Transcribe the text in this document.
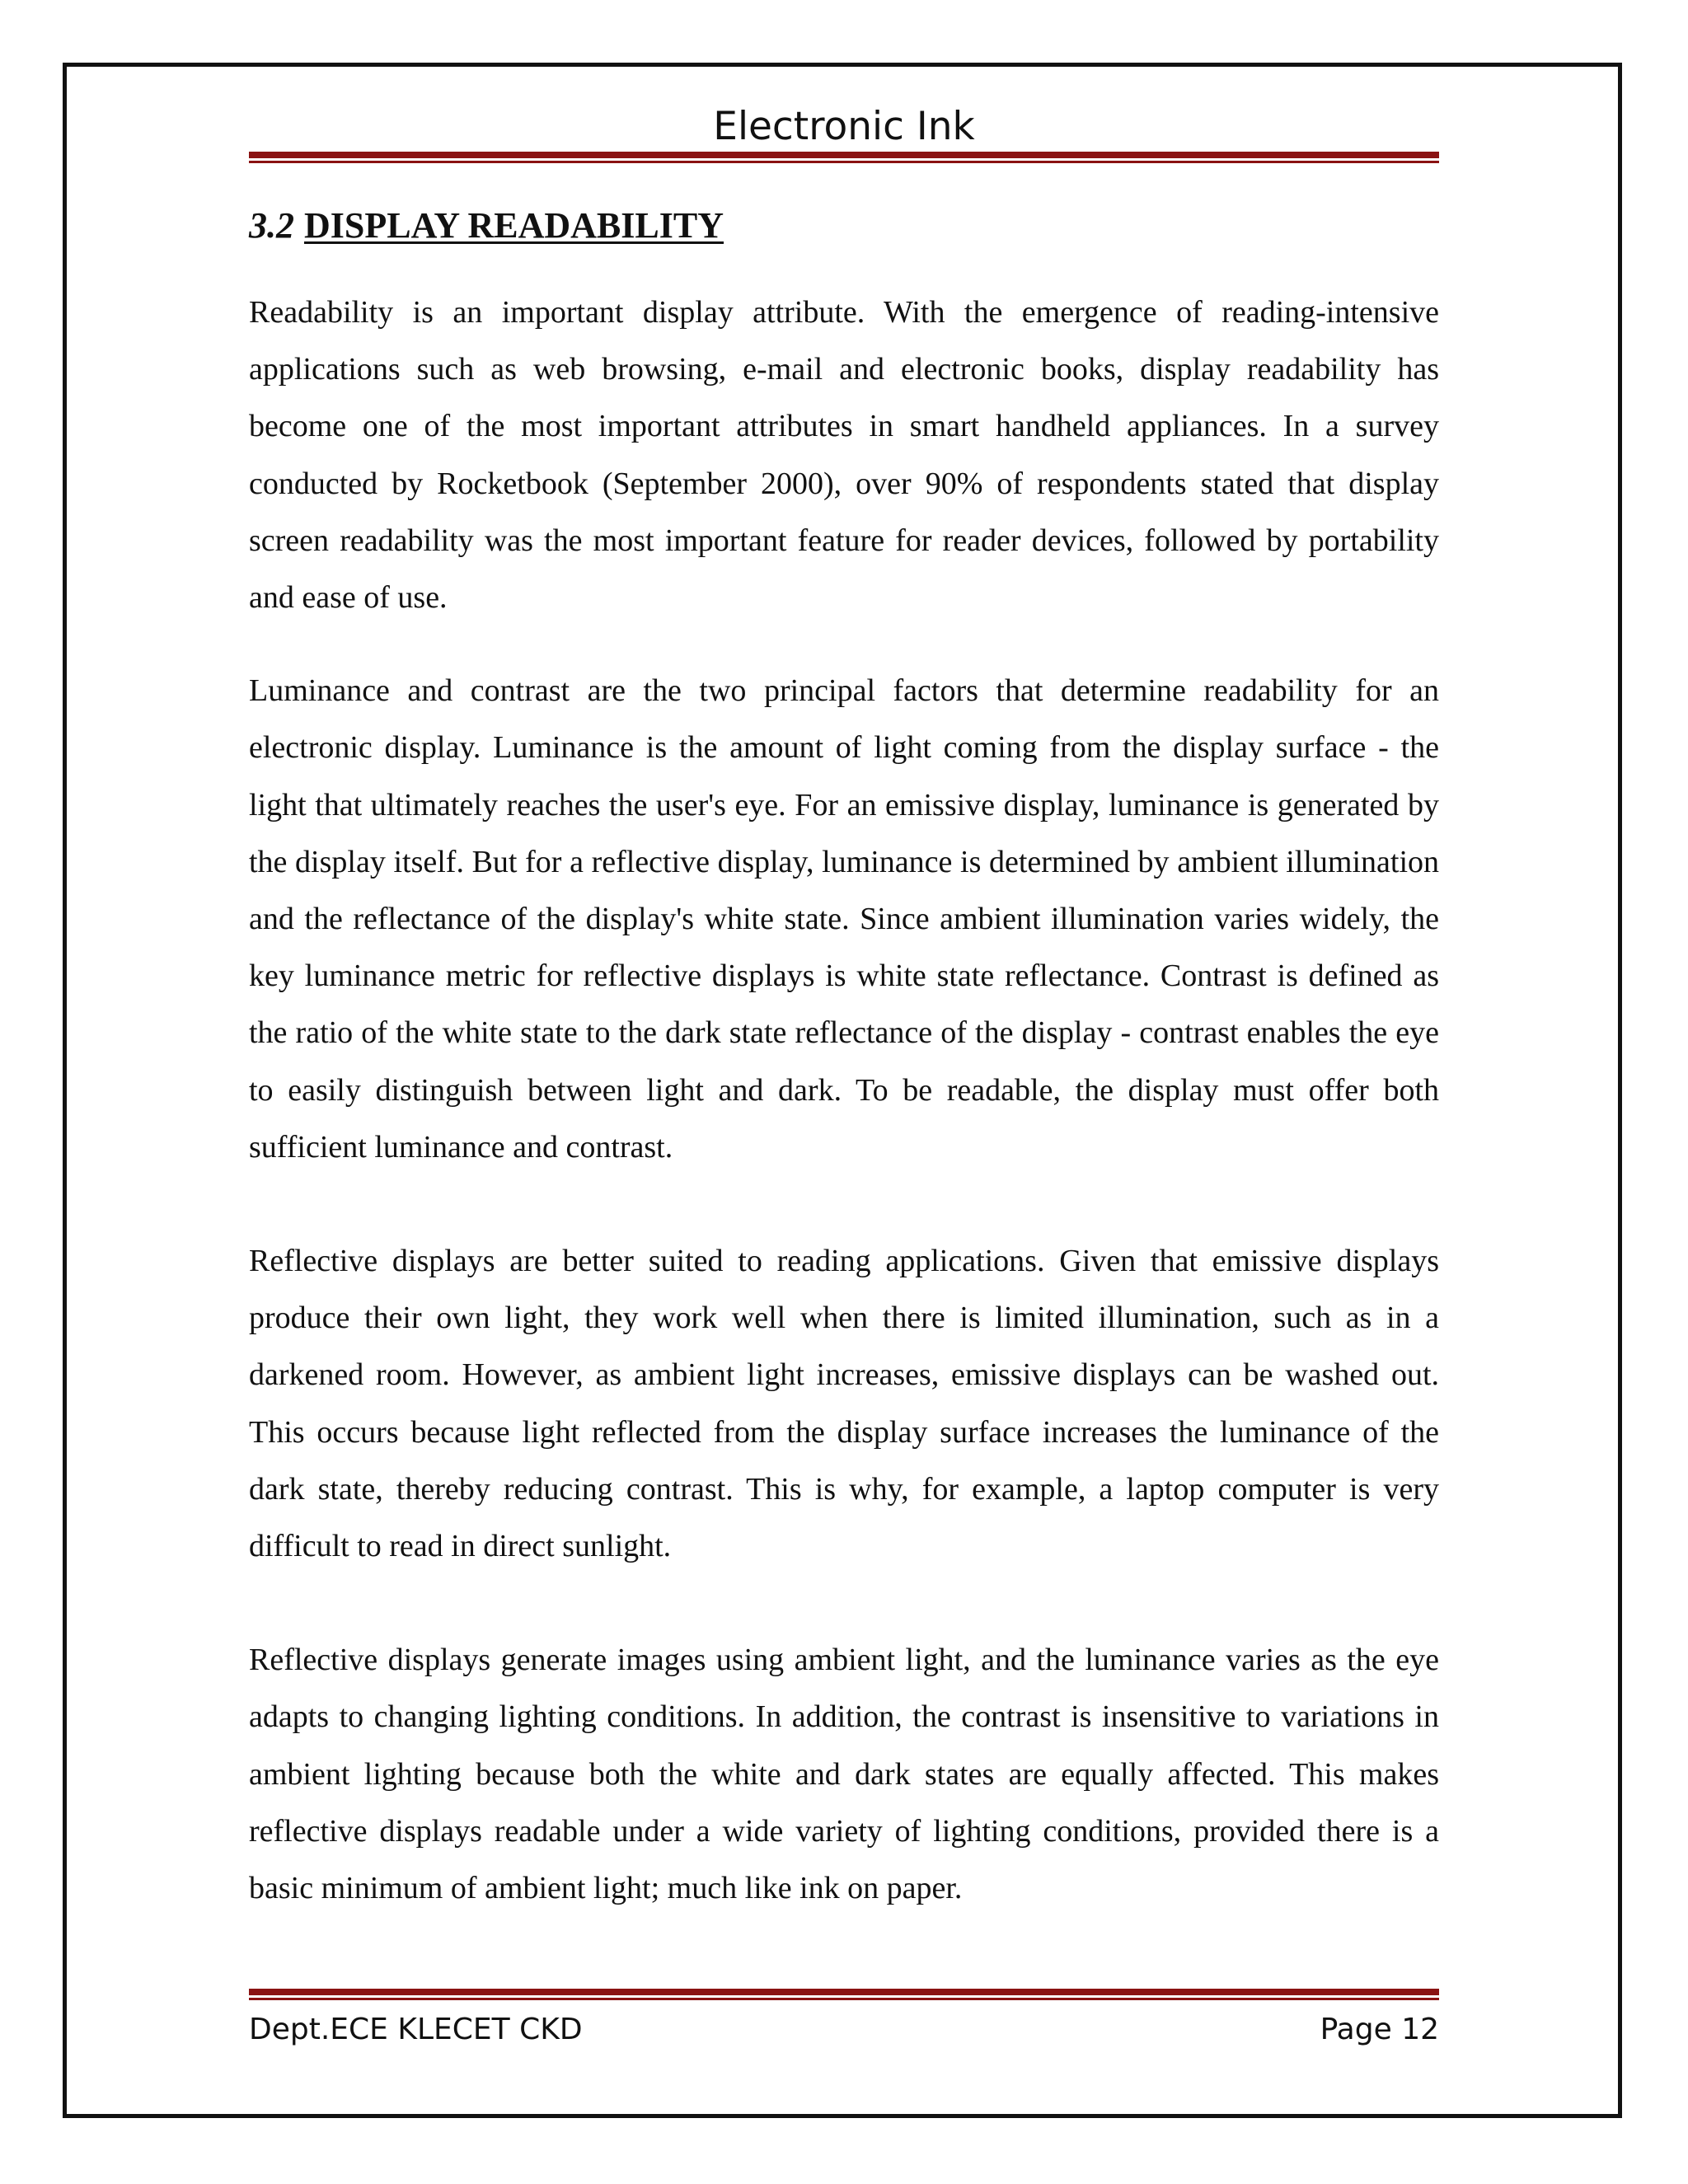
Electronic Ink
3.2 DISPLAY READABILITY

Readability is an important display attribute. With the emergence of reading-intensive applications such as web browsing, e-mail and electronic books, display readability has become one of the most important attributes in smart handheld appliances. In a survey conducted by Rocketbook (September 2000), over 90% of respondents stated that display screen readability was the most important feature for reader devices, followed by portability and ease of use.

Luminance and contrast are the two principal factors that determine readability for an electronic display. Luminance is the amount of light coming from the display surface - the light that ultimately reaches the user's eye. For an emissive display, luminance is generated by the display itself. But for a reflective display, luminance is determined by ambient illumination and the reflectance of the display's white state. Since ambient illumination varies widely, the key luminance metric for reflective displays is white state reflectance. Contrast is defined as the ratio of the white state to the dark state reflectance of the display - contrast enables the eye to easily distinguish between light and dark. To be readable, the display must offer both sufficient luminance and contrast.

Reflective displays are better suited to reading applications. Given that emissive displays produce their own light, they work well when there is limited illumination, such as in a darkened room. However, as ambient light increases, emissive displays can be washed out. This occurs because light reflected from the display surface increases the luminance of the dark state, thereby reducing contrast. This is why, for example, a laptop computer is very difficult to read in direct sunlight.

Reflective displays generate images using ambient light, and the luminance varies as the eye adapts to changing lighting conditions. In addition, the contrast is insensitive to variations in ambient lighting because both the white and dark states are equally affected. This makes reflective displays readable under a wide variety of lighting conditions, provided there is a basic minimum of ambient light; much like ink on paper.

Dept.ECE KLECET CKD	Page 12
